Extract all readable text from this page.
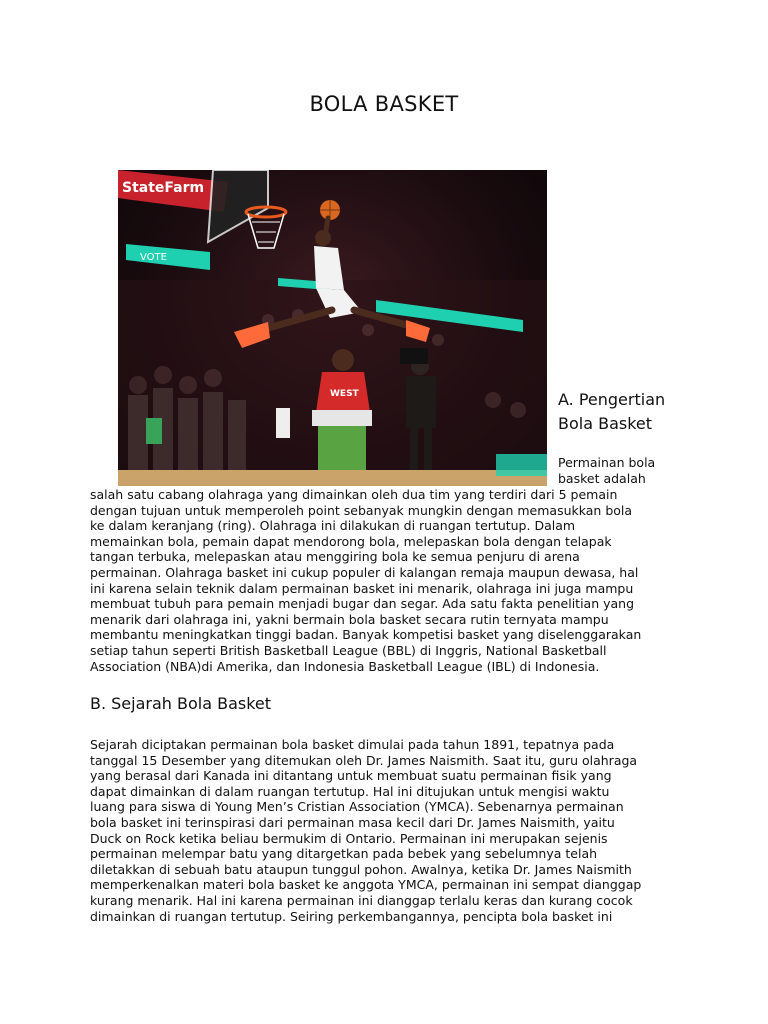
BOLA BASKET
StateFarm
VOTE
WEST	A. Pengertian
Bola Basket
Permainan bola basket adalah
salah satu cabang olahraga yang dimainkan oleh dua tim yang terdiri dari 5 pemain
dengan tujuan untuk memperoleh point sebanyak mungkin dengan memasukkan bola
ke dalam keranjang (ring). Olahraga ini dilakukan di ruangan tertutup. Dalam
memainkan bola, pemain dapat mendorong bola, melepaskan bola dengan telapak
tangan terbuka, melepaskan atau menggiring bola ke semua penjuru di arena
permainan. Olahraga basket ini cukup populer di kalangan remaja maupun dewasa, hal
ini karena selain teknik dalam permainan basket ini menarik, olahraga ini juga mampu
membuat tubuh para pemain menjadi bugar dan segar. Ada satu fakta penelitian yang
menarik dari olahraga ini, yakni bermain bola basket secara rutin ternyata mampu
membantu meningkatkan tinggi badan. Banyak kompetisi basket yang diselenggarakan
setiap tahun seperti British Basketball League (BBL) di Inggris, National Basketball
Association (NBA)di Amerika, dan Indonesia Basketball League (IBL) di Indonesia.
B. Sejarah Bola Basket
Sejarah diciptakan permainan bola basket dimulai pada tahun 1891, tepatnya pada
tanggal 15 Desember yang ditemukan oleh Dr. James Naismith. Saat itu, guru olahraga
yang berasal dari Kanada ini ditantang untuk membuat suatu permainan fisik yang
dapat dimainkan di dalam ruangan tertutup. Hal ini ditujukan untuk mengisi waktu
luang para siswa di Young Men’s Cristian Association (YMCA). Sebenarnya permainan
bola basket ini terinspirasi dari permainan masa kecil dari Dr. James Naismith, yaitu
Duck on Rock ketika beliau bermukim di Ontario. Permainan ini merupakan sejenis
permainan melempar batu yang ditargetkan pada bebek yang sebelumnya telah
diletakkan di sebuah batu ataupun tunggul pohon. Awalnya, ketika Dr. James Naismith
memperkenalkan materi bola basket ke anggota YMCA, permainan ini sempat dianggap
kurang menarik. Hal ini karena permainan ini dianggap terlalu keras dan kurang cocok
dimainkan di ruangan tertutup. Seiring perkembangannya, pencipta bola basket ini
